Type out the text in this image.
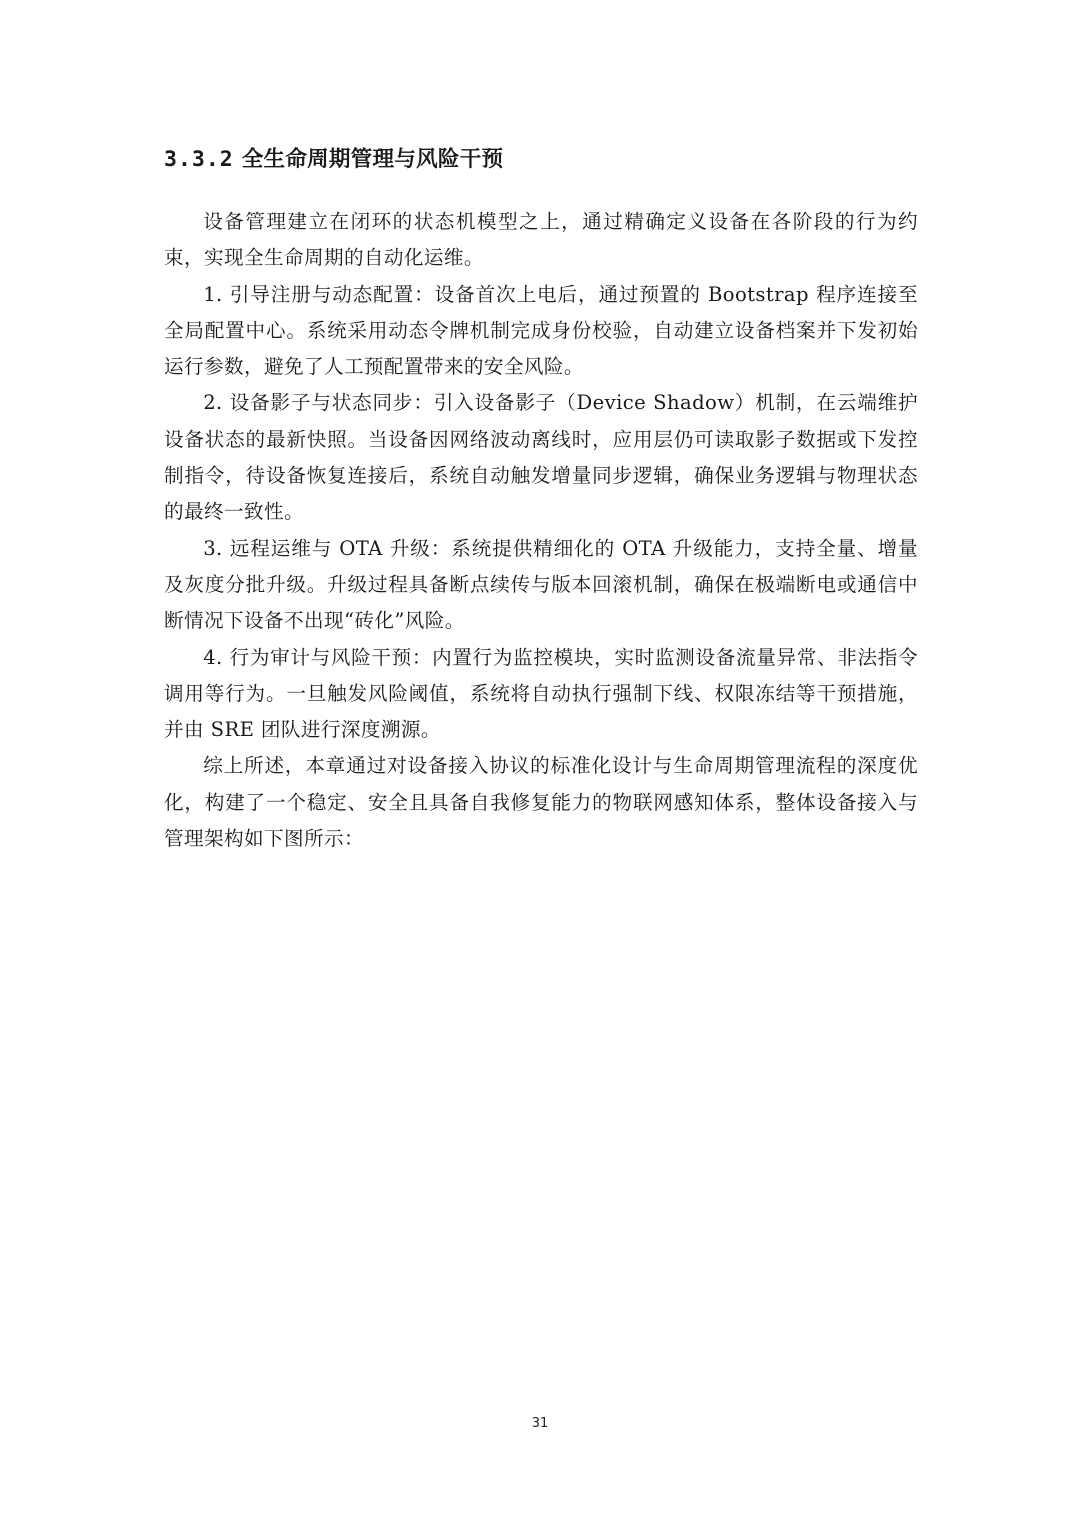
3.3.2 全生命周期管理与风险干预

设备管理建立在闭环的状态机模型之上，通过精确定义设备在各阶段的行为约束，实现全生命周期的自动化运维。

1. 引导注册与动态配置：设备首次上电后，通过预置的 Bootstrap 程序连接至全局配置中心。系统采用动态令牌机制完成身份校验，自动建立设备档案并下发初始运行参数，避免了人工预配置带来的安全风险。

2. 设备影子与状态同步：引入设备影子（Device Shadow）机制，在云端维护设备状态的最新快照。当设备因网络波动离线时，应用层仍可读取影子数据或下发控制指令，待设备恢复连接后，系统自动触发增量同步逻辑，确保业务逻辑与物理状态的最终一致性。

3. 远程运维与 OTA 升级：系统提供精细化的 OTA 升级能力，支持全量、增量及灰度分批升级。升级过程具备断点续传与版本回滚机制，确保在极端断电或通信中断情况下设备不出现“砖化”风险。

4. 行为审计与风险干预：内置行为监控模块，实时监测设备流量异常、非法指令调用等行为。一旦触发风险阈值，系统将自动执行强制下线、权限冻结等干预措施，并由 SRE 团队进行深度溯源。

综上所述，本章通过对设备接入协议的标准化设计与生命周期管理流程的深度优化，构建了一个稳定、安全且具备自我修复能力的物联网感知体系，整体设备接入与管理架构如下图所示：

31
